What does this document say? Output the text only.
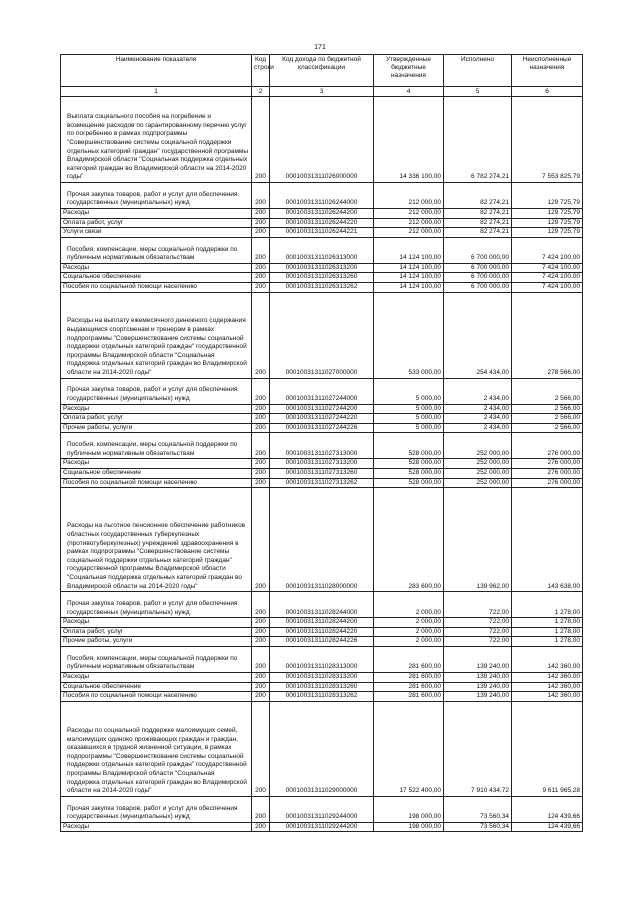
171
Наименование показателя	Код строки	Код дохода по бюджетной классификации	Утвержденные бюджетные назначения	Исполнено	Неисполненные назначения
1	2	3	4	5	6
Выплата социального пособия на погребение и возмещение расходов по гарантированному перечню услуг по погребению в рамках подпрограммы "Совершенствование системы социальной поддержки отдельных категорий граждан" государственной программы Владимирской области "Социальная поддержка отдельных категорий граждан во Владимирской области на 2014-2020 годы"	200	00010031311026000000	14 336 100,00	6 782 274,21	7 553 825,79
Прочая закупка товаров, работ и услуг для обеспечения государственных (муниципальных) нужд	200	00010031311026244000	212 000,00	82 274,21	129 725,79
Расходы	200	00010031311026244200	212 000,00	82 274,21	129 725,79
Оплата работ, услуг	200	00010031311026244220	212 000,00	82 274,21	129 725,79
Услуги связи	200	00010031311026244221	212 000,00	82 274,21	129 725,79
Пособия, компенсации, меры социальной поддержки по публичным нормативным обязательствам	200	00010031311026313000	14 124 100,00	6 700 000,00	7 424 100,00
Расходы	200	00010031311026313200	14 124 100,00	6 700 000,00	7 424 100,00
Социальное обеспечение	200	00010031311026313260	14 124 100,00	6 700 000,00	7 424 100,00
Пособия по социальной помощи населению	200	00010031311026313262	14 124 100,00	6 700 000,00	7 424 100,00
Расходы на выплату ежемесячного денежного содержания выдающимся спортсменам и тренерам в рамках подпрограммы "Совершенствование системы социальной поддержки отдельных категорий граждан" государственной программы Владимирской области "Социальная поддержка отдельных категорий граждан во Владимирской области на 2014-2020 годы"	200	00010031311027000000	533 000,00	254 434,00	278 566,00
Прочая закупка товаров, работ и услуг для обеспечения государственных (муниципальных) нужд	200	00010031311027244000	5 000,00	2 434,00	2 566,00
Расходы	200	00010031311027244200	5 000,00	2 434,00	2 566,00
Оплата работ, услуг	200	00010031311027244220	5 000,00	2 434,00	2 566,00
Прочие работы, услуги	200	00010031311027244226	5 000,00	2 434,00	2 566,00
Пособия, компенсации, меры социальной поддержки по публичным нормативным обязательствам	200	00010031311027313000	528 000,00	252 000,00	276 000,00
Расходы	200	00010031311027313200	528 000,00	252 000,00	276 000,00
Социальное обеспечение	200	00010031311027313260	528 000,00	252 000,00	276 000,00
Пособия по социальной помощи населению	200	00010031311027313262	528 000,00	252 000,00	276 000,00
Расходы на льготное пенсионное обеспечение работников областных государственных туберкулезных (противотуберкулезных) учреждений здравоохранения в рамках подпрограммы "Совершенствование системы социальной поддержки отдельных категорий граждан" государственной программы Владимирской области "Социальная поддержка отдельных категорий граждан во Владимирской области на 2014-2020 годы"	200	00010031311028000000	283 600,00	139 962,00	143 638,00
Прочая закупка товаров, работ и услуг для обеспечения государственных (муниципальных) нужд	200	00010031311028244000	2 000,00	722,00	1 278,00
Расходы	200	00010031311028244200	2 000,00	722,00	1 278,00
Оплата работ, услуг	200	00010031311028244220	2 000,00	722,00	1 278,00
Прочие работы, услуги	200	00010031311028244226	2 000,00	722,00	1 278,00
Пособия, компенсации, меры социальной поддержки по публичным нормативным обязательствам	200	00010031311028313000	281 600,00	139 240,00	142 360,00
Расходы	200	00010031311028313200	281 600,00	139 240,00	142 360,00
Социальное обеспечение	200	00010031311028313260	281 600,00	139 240,00	142 360,00
Пособия по социальной помощи населению	200	00010031311028313262	281 600,00	139 240,00	142 360,00
Расходы по социальной поддержке малоимущих семей, малоимущих одиноко проживающих граждан и граждан, оказавшихся в трудной жизненной ситуации, в рамках подпрограммы "Совершенствование системы социальной поддержки отдельных категорий граждан" государственной программы Владимирской области "Социальная поддержка отдельных категорий граждан во Владимирской области на 2014-2020 годы"	200	00010031311029000000	17 522 400,00	7 910 434,72	9 611 965,28
Прочая закупка товаров, работ и услуг для обеспечения государственных (муниципальных) нужд	200	00010031311029244000	198 000,00	73 560,34	124 439,66
Расходы	200	00010031311029244200	198 000,00	73 560,34	124 439,66
